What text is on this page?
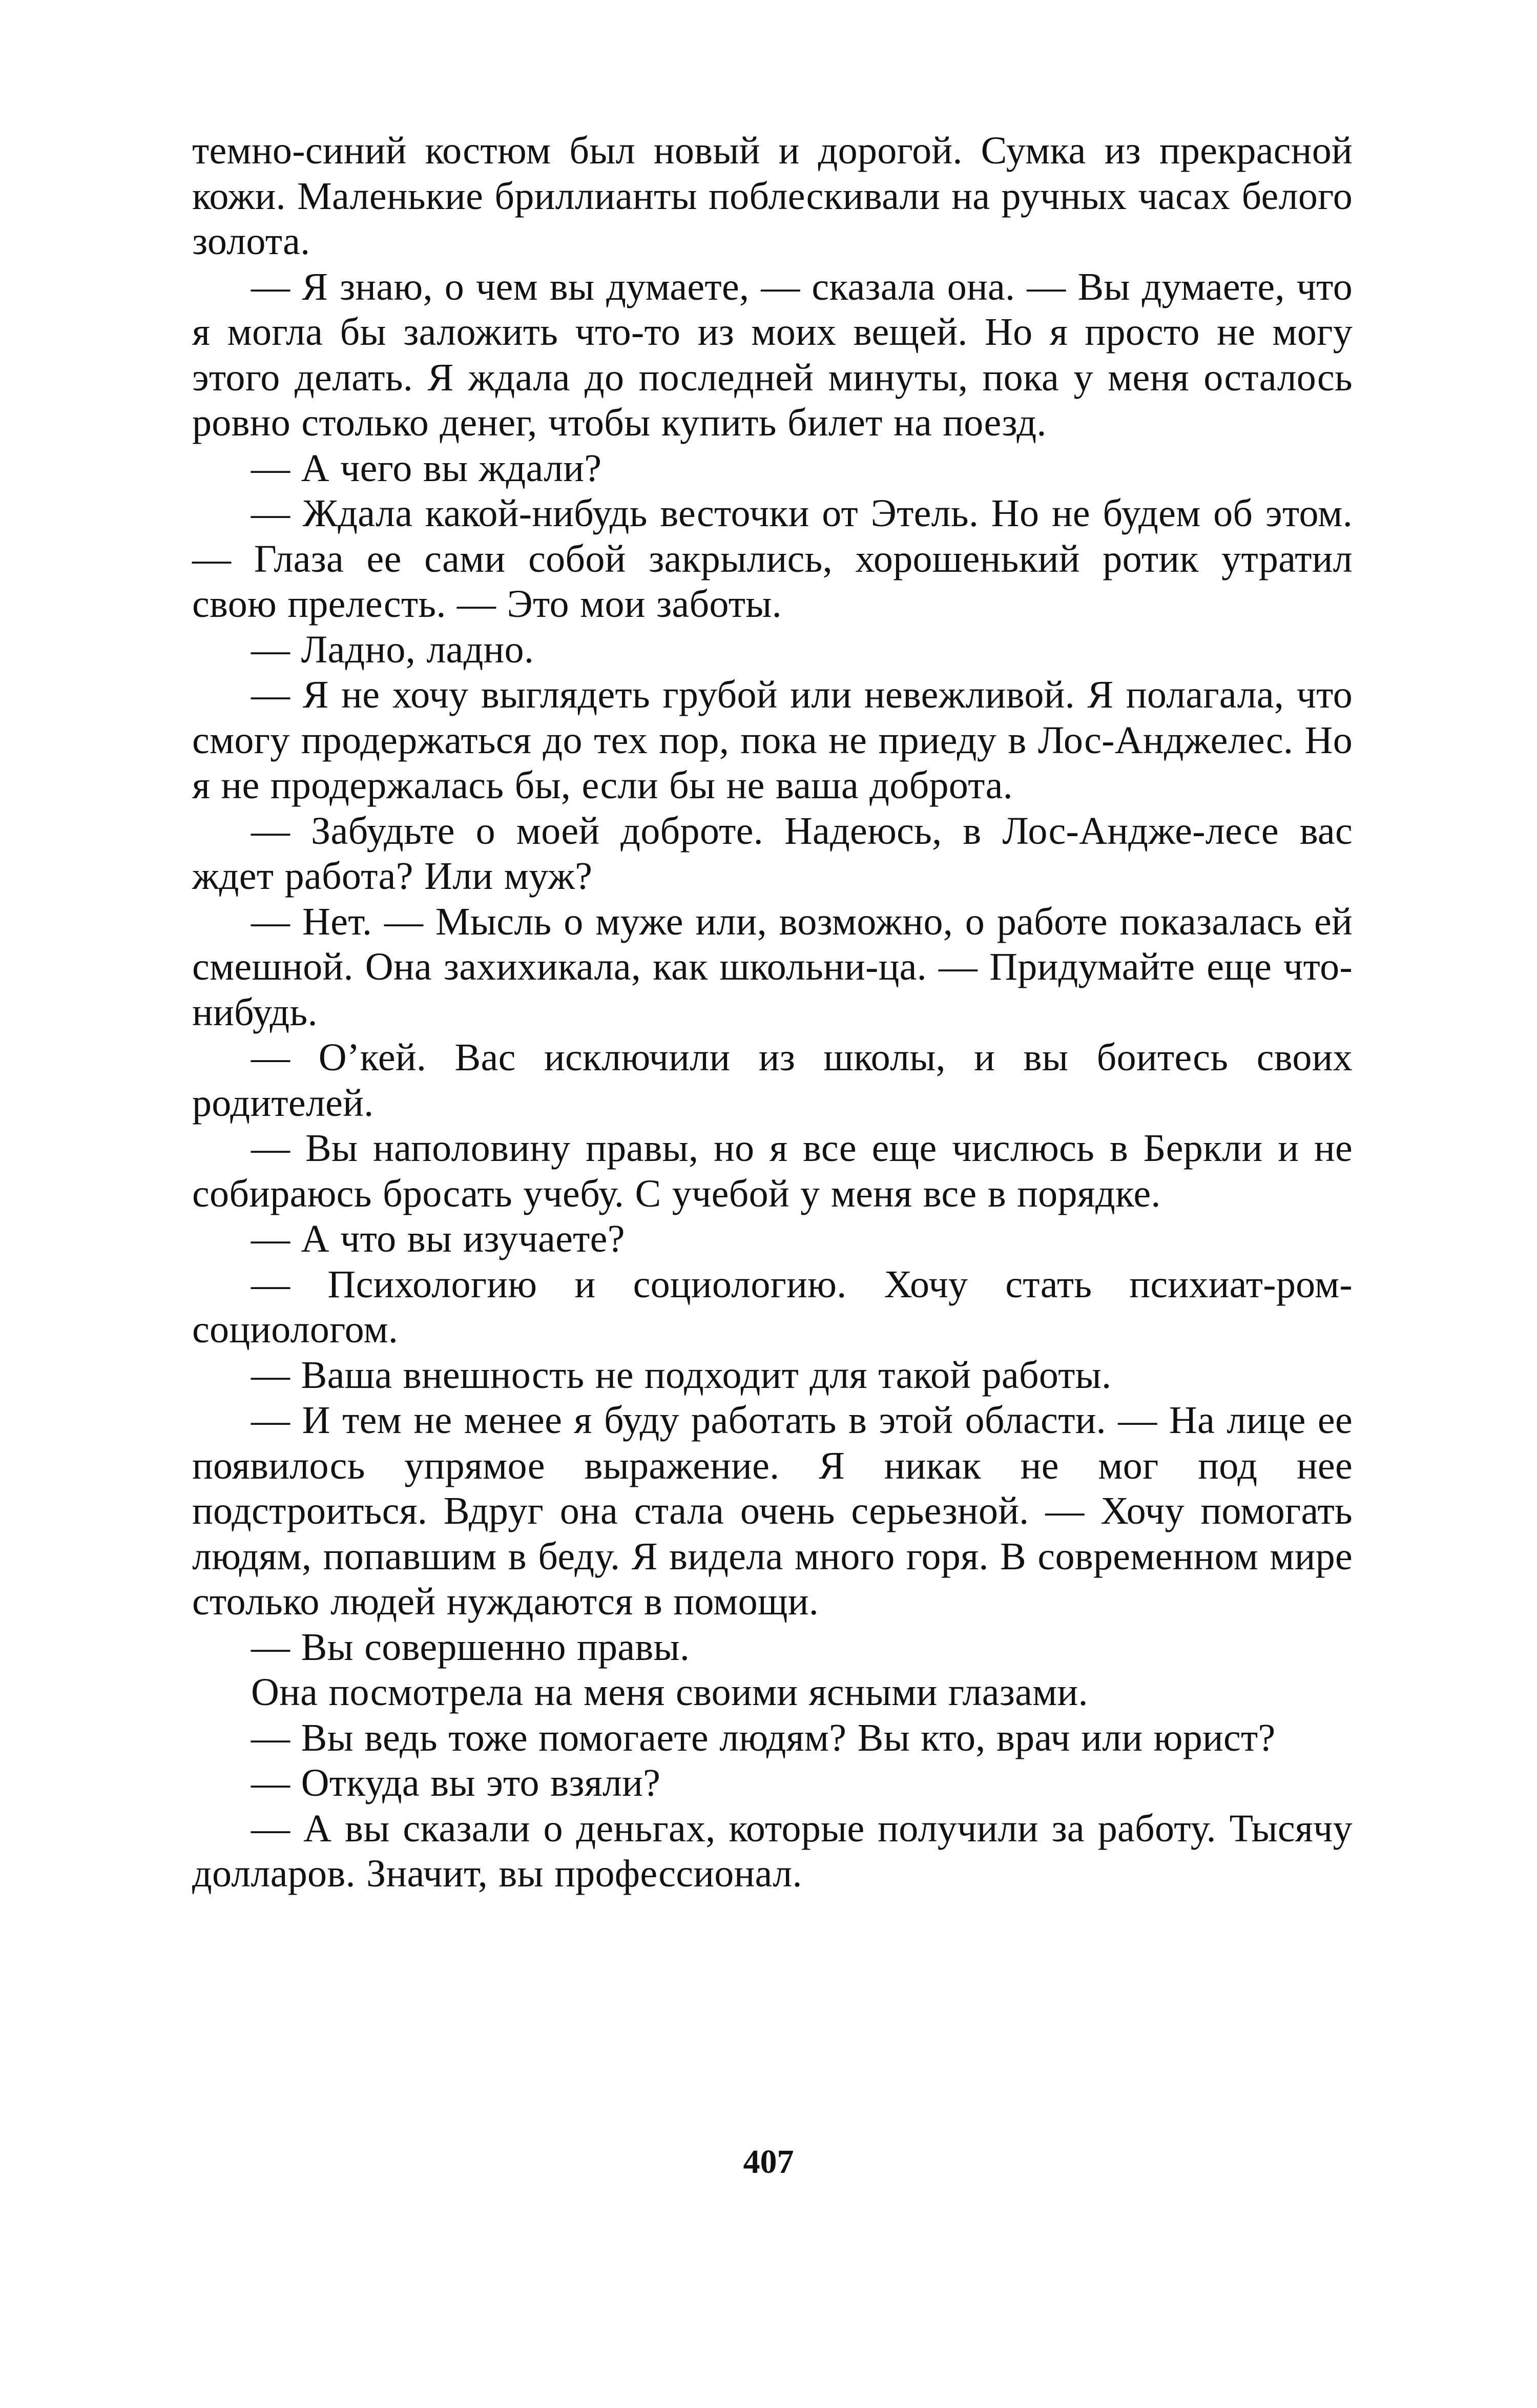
темно-синий костюм был новый и дорогой. Сумка из прекрасной кожи. Маленькие бриллианты поблескивали на ручных часах белого золота.

— Я знаю, о чем вы думаете, — сказала она. — Вы думаете, что я могла бы заложить что-то из моих вещей. Но я просто не могу этого делать. Я ждала до последней минуты, пока у меня осталось ровно столько денег, чтобы купить билет на поезд.

— А чего вы ждали?

— Ждала какой-нибудь весточки от Этель. Но не будем об этом. — Глаза ее сами собой закрылись, хорошенький ротик утратил свою прелесть. — Это мои заботы.

— Ладно, ладно.

— Я не хочу выглядеть грубой или невежливой. Я полагала, что смогу продержаться до тех пор, пока не приеду в Лос-Анджелес. Но я не продержалась бы, если бы не ваша доброта.

— Забудьте о моей доброте. Надеюсь, в Лос-Андже-лесе вас ждет работа? Или муж?

— Нет. — Мысль о муже или, возможно, о работе показалась ей смешной. Она захихикала, как школьни-ца. — Придумайте еще что-нибудь.

— О’кей. Вас исключили из школы, и вы боитесь своих родителей.

— Вы наполовину правы, но я все еще числюсь в Беркли и не собираюсь бросать учебу. С учебой у меня все в порядке.

— А что вы изучаете?

— Психологию и социологию. Хочу стать психиат-ром-социологом.

— Ваша внешность не подходит для такой работы.

— И тем не менее я буду работать в этой области. — На лице ее появилось упрямое выражение. Я никак не мог под нее подстроиться. Вдруг она стала очень серьезной. — Хочу помогать людям, попавшим в беду. Я видела много горя. В современном мире столько людей нуждаются в помощи.

— Вы совершенно правы.

Она посмотрела на меня своими ясными глазами.

— Вы ведь тоже помогаете людям? Вы кто, врач или юрист?

— Откуда вы это взяли?

— А вы сказали о деньгах, которые получили за работу. Тысячу долларов. Значит, вы профессионал.

407
